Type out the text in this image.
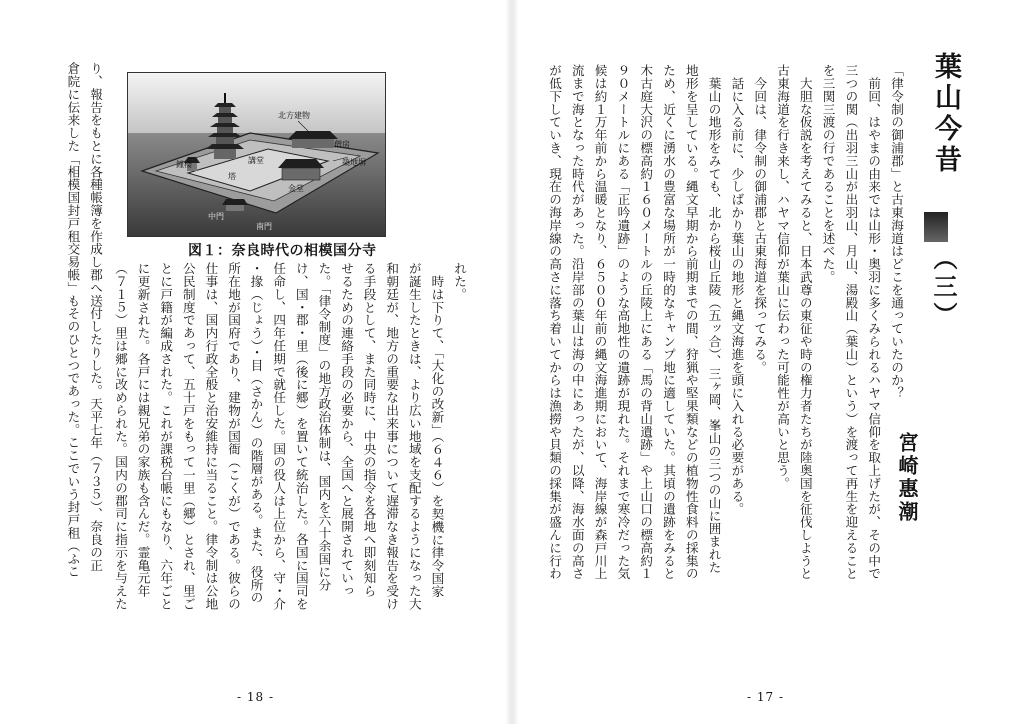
北方建物
僧房
鐘楼	講堂
塔
金堂
築地塀
中門
南門
図１：奈良時代の相模国分寺
れた。
　時は下りて、「大化の改新」（６４６）を契機に律令国家
が誕生したときは、より広い地域を支配するようになった大
和朝廷が、地方の重要な出来事について遅滞なき報告を受け
る手段として、また同時に、中央の指令を各地へ即刻知ら
せるための連絡手段の必要から、全国へと展開されていっ
た。「律令制度」の地方政治体制は、国内を六十余国に分
け、国・郡・里（後に郷）を置いて統治した。各国に国司を
任命し、四年任期で就任した。国の役人は上位から、守・介
・掾（じょう）・目（さかん）の階層がある。また、役所の
所在地が国府であり、建物が国衙（こくが）である。彼らの
仕事は、国内行政全般と治安維持に当ること。律令制は公地
公民制度であって、五十戸をもって一里（郷）とされ、里ご
とに戸籍が編成された。これが課税台帳にもなり、六年ごと
に更新された。各戸には親兄弟の家族も含んだ。霊亀元年
（７１５）里は郷に改められた。国内の郡司に指示を与えた
り、報告をもとに各種帳簿を作成し郡へ送付したりした。天平七年（７３５）、奈良の正
倉院に伝来した「相模国封戸租交易帳」もそのひとつであった。ここでいう封戸租（ふこ
- 18 -
葉山今昔
（三）
宮崎惠潮
「律令制の御浦郡」と古東海道はどこを通っていたのか？
　前回、はやまの由来では山形・奥羽に多くみられるハヤマ信仰を取上げたが、その中で
三つの関（出羽三山が出羽山、月山、湯殿山（葉山）という）を渡って再生を迎えること
を三関三渡の行であることを述べた。
　大胆な仮説を考えてみると、日本武尊の東征や時の権力者たちが陸奥国を征伐しようと
古東海道を行き来し、ハヤマ信仰が葉山に伝わった可能性が高いと思う。
　今回は、律令制の御浦郡と古東海道を探ってみる。
　話に入る前に、少しばかり葉山の地形と縄文海進を頭に入れる必要がある。
　葉山の地形をみても、北から桜山丘陵（五ッ合）、三ヶ岡、峯山の三つの山に囲まれた
地形を呈している。縄文早期から前期までの間、狩猟や堅果類などの植物性食料の採集の
ため、近くに湧水の豊富な場所が一時的なキャンプ地に適していた。其頃の遺跡をみると
木古庭大沢の標高約１６０メートルの丘陵上にある「馬の背山遺跡」や上山口の標高約１
９０メートルにある「正吟遺跡」のような高地性の遺跡が現れた。それまで寒冷だった気
候は約１万年前から温暖となり、６５００年前の縄文海進期において、海岸線が森戸川上
流まで海となった時代があった。沿岸部の葉山は海の中にあったが、以降、海水面の高さ
が低下していき、現在の海岸線の高さに落ち着いてからは漁撈や貝類の採集が盛んに行わ
- 17 -
